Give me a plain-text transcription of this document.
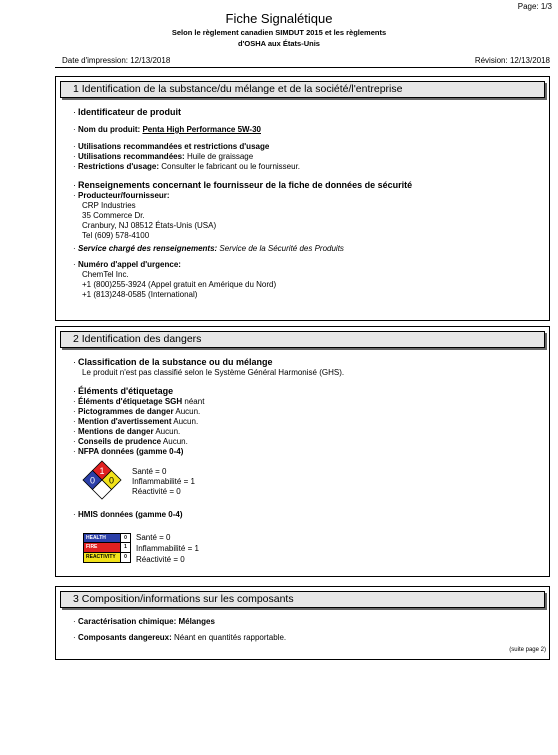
Page: 1/3
Fiche Signalétique
Selon le règlement canadien SIMDUT 2015 et les règlements
d'OSHA aux États-Unis
Date d'impression: 12/13/2018	Révision: 12/13/2018
1 Identification de la substance/du mélange et de la société/l'entreprise
· Identificateur de produit
· Nom du produit: Penta High Performance 5W-30
· Utilisations recommandées et restrictions d'usage
· Utilisations recommandées: Huile de graissage
· Restrictions d'usage: Consulter le fabricant ou le fournisseur.
· Renseignements concernant le fournisseur de la fiche de données de sécurité
· Producteur/fournisseur:
CRP Industries
35 Commerce Dr.
Cranbury, NJ 08512 États-Unis (USA)
Tel (609) 578-4100
· Service chargé des renseignements: Service de la Sécurité des Produits
· Numéro d'appel d'urgence:
ChemTel Inc.
+1 (800)255-3924 (Appel gratuit en Amérique du Nord)
+1 (813)248-0585 (International)
2 Identification des dangers
· Classification de la substance ou du mélange
Le produit n'est pas classifié selon le Système Général Harmonisé (GHS).
· Éléments d'étiquetage
· Éléments d'étiquetage SGH néant
· Pictogrammes de danger Aucun.
· Mention d'avertissement Aucun.
· Mentions de danger Aucun.
· Conseils de prudence Aucun.
· NFPA données (gamme 0-4)
1
0 0
Santé = 0
Inflammabilité = 1
Réactivité = 0
· HMIS données (gamme 0-4)
HEALTH	0
FIRE	1
REACTIVITY	0
Santé = 0
Inflammabilité = 1
Réactivité = 0
3 Composition/informations sur les composants
· Caractérisation chimique: Mélanges
· Composants dangereux: Néant en quantités rapportable.
(suite page 2)
